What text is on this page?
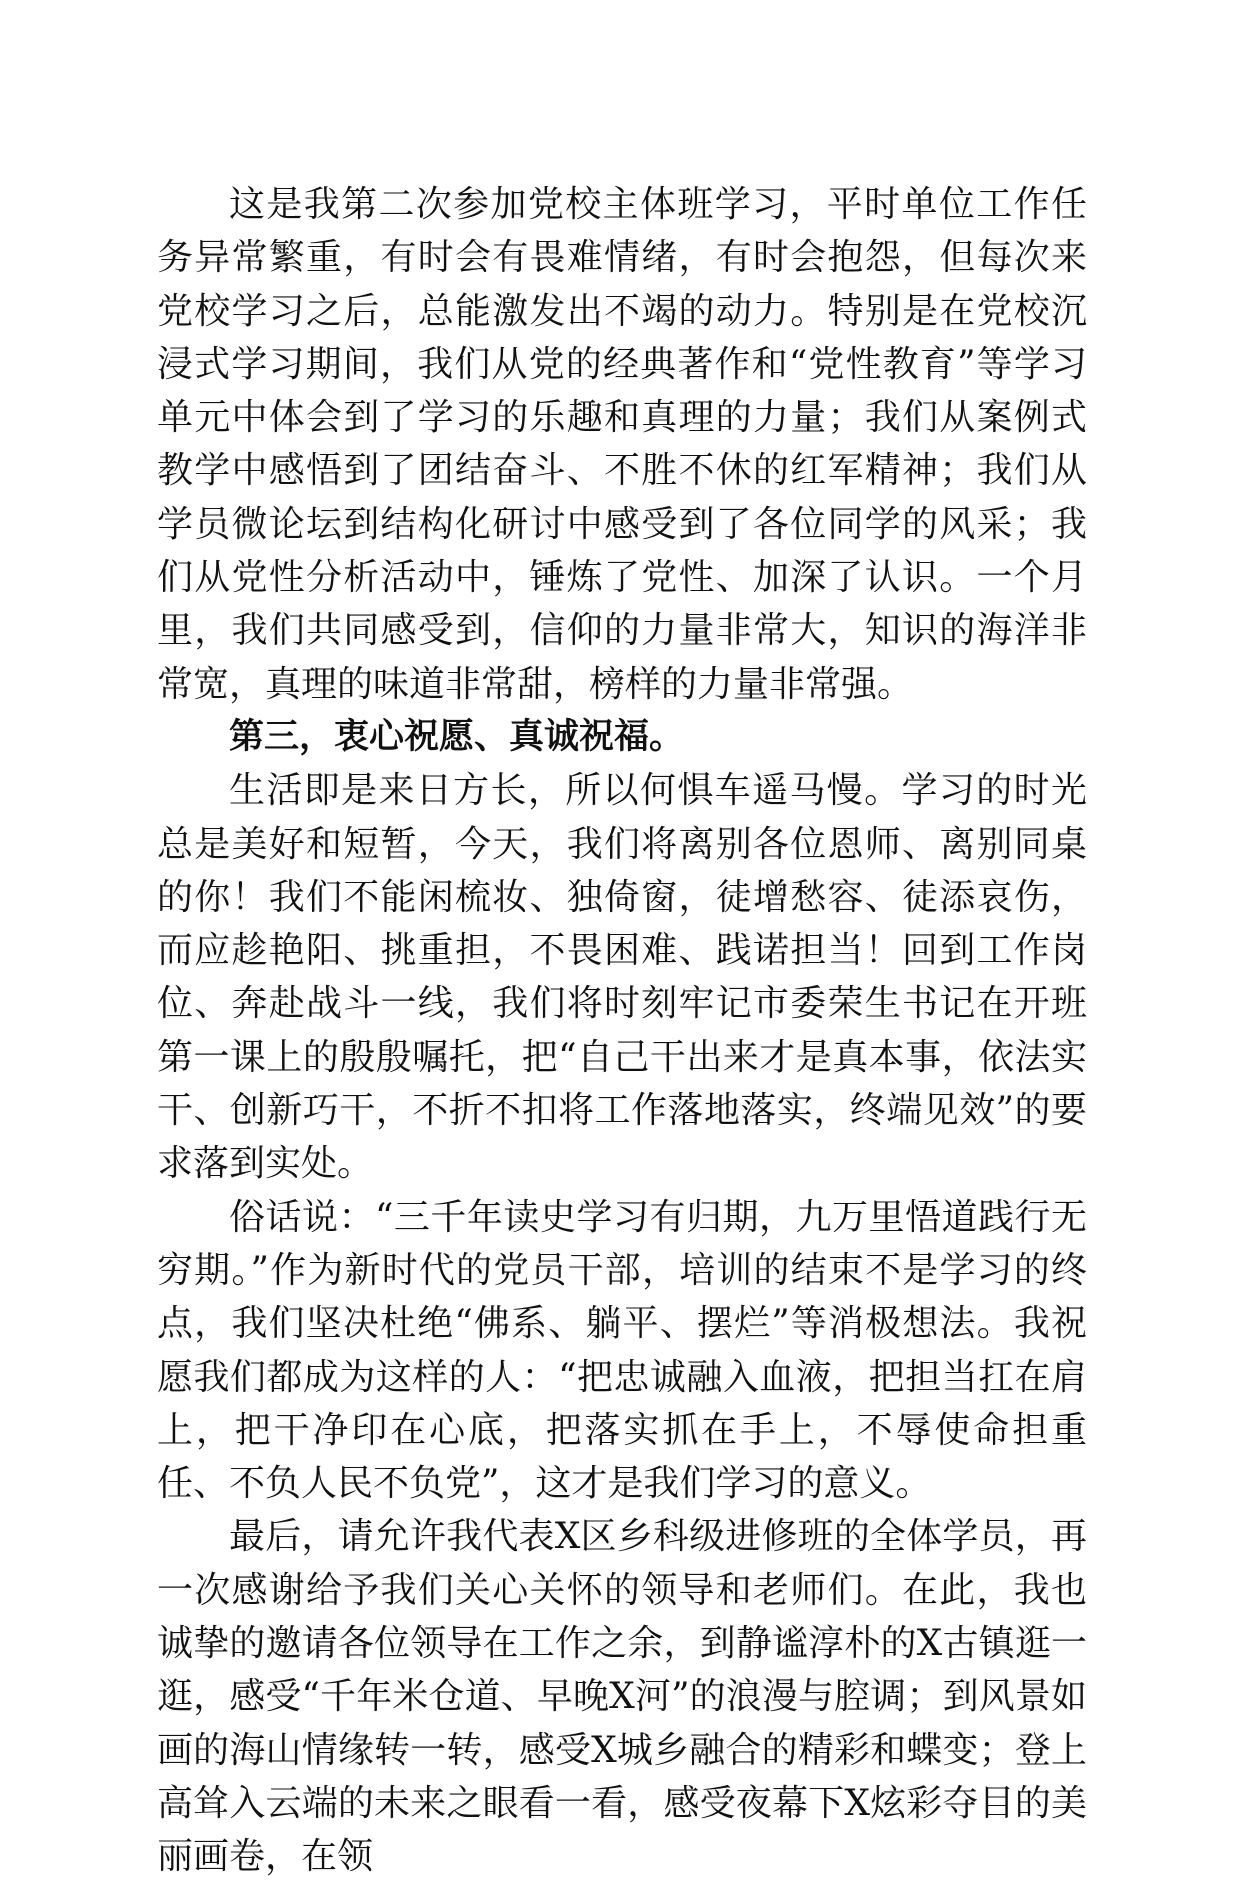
这是我第二次参加党校主体班学习，平时单位工作任务异常繁重，有时会有畏难情绪，有时会抱怨，但每次来党校学习之后，总能激发出不竭的动力。特别是在党校沉浸式学习期间，我们从党的经典著作和“党性教育”等学习单元中体会到了学习的乐趣和真理的力量；我们从案例式教学中感悟到了团结奋斗、不胜不休的红军精神；我们从学员微论坛到结构化研讨中感受到了各位同学的风采；我们从党性分析活动中，锤炼了党性、加深了认识。一个月里，我们共同感受到，信仰的力量非常大，知识的海洋非常宽，真理的味道非常甜，榜样的力量非常强。

第三，衷心祝愿、真诚祝福。

生活即是来日方长，所以何惧车遥马慢。学习的时光总是美好和短暂，今天，我们将离别各位恩师、离别同桌的你！我们不能闲梳妆、独倚窗，徒增愁容、徒添哀伤，而应趁艳阳、挑重担，不畏困难、践诺担当！回到工作岗位、奔赴战斗一线，我们将时刻牢记市委荣生书记在开班第一课上的殷殷嘱托，把“自己干出来才是真本事，依法实干、创新巧干，不折不扣将工作落地落实，终端见效”的要求落到实处。

俗话说：“三千年读史学习有归期，九万里悟道践行无穷期。”作为新时代的党员干部，培训的结束不是学习的终点，我们坚决杜绝“佛系、躺平、摆烂”等消极想法。我祝愿我们都成为这样的人：“把忠诚融入血液，把担当扛在肩上，把干净印在心底，把落实抓在手上，不辱使命担重任、不负人民不负党”，这才是我们学习的意义。

最后，请允许我代表X区乡科级进修班的全体学员，再一次感谢给予我们关心关怀的领导和老师们。在此，我也诚挚的邀请各位领导在工作之余，到静谧淳朴的X古镇逛一逛，感受“千年米仓道、早晚X河”的浪漫与腔调；到风景如画的海山情缘转一转，感受X城乡融合的精彩和蝶变；登上高耸入云端的未来之眼看一看，感受夜幕下X炫彩夺目的美丽画卷，在领
